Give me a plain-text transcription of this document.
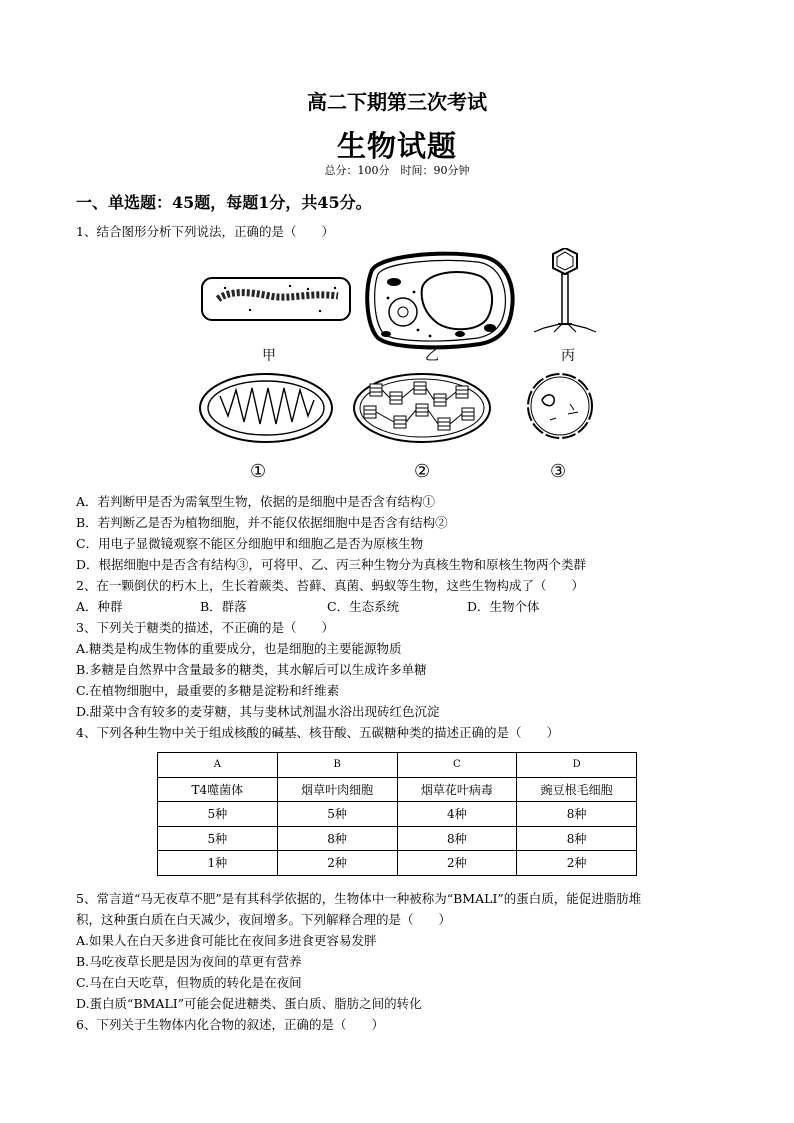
高二下期第三次考试
生物试题
总分：100分　时间：90分钟
一、单选题：45题，每题1分，共45分。
1、结合图形分析下列说法，正确的是（　　）
甲	乙	丙
①	②	③
A．若判断甲是否为需氧型生物，依据的是细胞中是否含有结构①
B．若判断乙是否为植物细胞，并不能仅依据细胞中是否含有结构②
C．用电子显微镜观察不能区分细胞甲和细胞乙是否为原核生物
D．根据细胞中是否含有结构③，可将甲、乙、丙三种生物分为真核生物和原核生物两个类群
2、在一颗倒伏的朽木上，生长着蕨类、苔藓、真菌、蚂蚁等生物，这些生物构成了（　　）
A．种群	B．群落	C．生态系统	D．生物个体
3、下列关于糖类的描述，不正确的是（　　）
A.糖类是构成生物体的重要成分，也是细胞的主要能源物质
B.多糖是自然界中含量最多的糖类，其水解后可以生成许多单糖
C.在植物细胞中，最重要的多糖是淀粉和纤维素
D.甜菜中含有较多的麦芽糖，其与斐林试剂温水浴出现砖红色沉淀
4、下列各种生物中关于组成核酸的碱基、核苷酸、五碳糖种类的描述正确的是（　　）
A	B	C	D
T4噬菌体	烟草叶肉细胞	烟草花叶病毒	豌豆根毛细胞
5种	5种	4种	8种
5种	8种	8种	8种
1种	2种	2种	2种
5、常言道“马无夜草不肥”是有其科学依据的，生物体中一种被称为“BMALI”的蛋白质，能促进脂肪堆
积，这种蛋白质在白天减少，夜间增多。下列解释合理的是（　　）
A.如果人在白天多进食可能比在夜间多进食更容易发胖
B.马吃夜草长肥是因为夜间的草更有营养
C.马在白天吃草，但物质的转化是在夜间
D.蛋白质“BMALI”可能会促进糖类、蛋白质、脂肪之间的转化
6、下列关于生物体内化合物的叙述，正确的是（　　）
